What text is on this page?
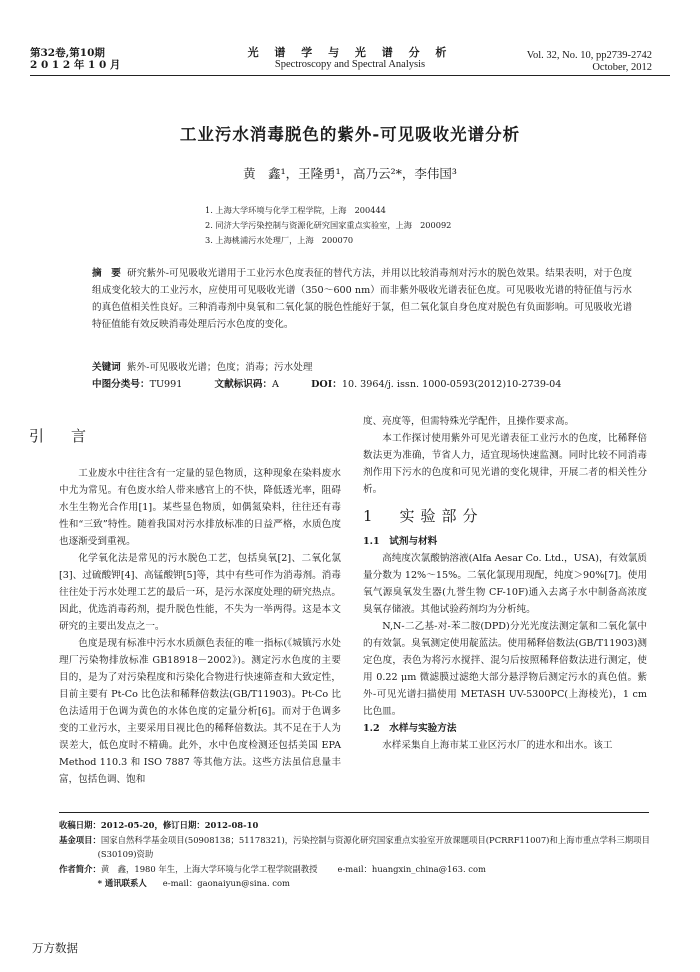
第32卷,第10期
2 0 1 2 年 1 0 月
光 谱 学 与 光 谱 分 析
Spectroscopy and Spectral Analysis
Vol. 32, No. 10, pp2739-2742
October, 2012
工业污水消毒脱色的紫外-可见吸收光谱分析
黄　鑫¹，王隆勇¹，高乃云²*，李伟国³
1. 上海大学环境与化学工程学院，上海　200444
2. 同济大学污染控制与资源化研究国家重点实验室，上海　200092
3. 上海桃浦污水处理厂，上海　200070
摘　要 研究紫外-可见吸收光谱用于工业污水色度表征的替代方法，并用以比较消毒剂对污水的脱色效果。结果表明，对于色度组成变化较大的工业污水，应使用可见吸收光谱（350～600 nm）而非紫外吸收光谱表征色度。可见吸收光谱的特征值与污水的真色值相关性良好。三种消毒剂中臭氧和二氧化氯的脱色性能好于氯，但二氧化氯自身色度对脱色有负面影响。可见吸收光谱特征值能有效反映消毒处理后污水色度的变化。
关键词 紫外-可见吸收光谱；色度；消毒；污水处理
中图分类号：TU991	文献标识码：A	DOI：10. 3964/j. issn. 1000-0593(2012)10-2739-04
引　言

工业废水中往往含有一定量的显色物质，这种现象在染料废水中尤为常见。有色废水给人带来感官上的不快，降低透光率，阻碍水生生物光合作用[1]。某些显色物质，如偶氮染料，往往还有毒性和“三致”特性。随着我国对污水排放标准的日益严格，水质色度也逐渐受到重视。

化学氧化法是常见的污水脱色工艺，包括臭氧[2]、二氧化氯[3]、过硫酸钾[4]、高锰酸钾[5]等，其中有些可作为消毒剂。消毒往往处于污水处理工艺的最后一环，是污水深度处理的研究热点。因此，优选消毒药剂，提升脱色性能，不失为一举两得。这是本文研究的主要出发点之一。

色度是现有标准中污水水质颜色表征的唯一指标(《城镇污水处理厂污染物排放标准 GB18918－2002》)。测定污水色度的主要目的，是为了对污染程度和污染化合物进行快速筛查和大致定性，目前主要有 Pt-Co 比色法和稀释倍数法(GB/T11903)。Pt-Co 比色法适用于色调为黄色的水体色度的定量分析[6]。而对于色调多变的工业污水，主要采用目视比色的稀释倍数法。其不足在于人为误差大，低色度时不精确。此外，水中色度检测还包括美国 EPA Method 110.3 和 ISO 7887 等其他方法。这些方法虽信息量丰富，包括色调、饱和

度、亮度等，但需特殊光学配件，且操作要求高。

本工作探讨使用紫外可见光谱表征工业污水的色度，比稀释倍数法更为准确，节省人力，适宜现场快速监测。同时比较不同消毒剂作用下污水的色度和可见光谱的变化规律，开展二者的相关性分析。

1　实验部分
1.1　试剂与材料

高纯度次氯酸钠溶液(Alfa Aesar Co. Ltd.，USA)，有效氯质量分数为 12%～15%。二氧化氯现用现配，纯度＞90%[7]。使用氧气源臭氧发生器(九誉生物 CF-10F)通入去离子水中制备高浓度臭氧存储液。其他试验药剂均为分析纯。

N,N-二乙基-对-苯二胺(DPD)分光光度法测定氯和二氧化氯中的有效氯。臭氧测定使用靛蓝法。使用稀释倍数法(GB/T11903)测定色度，表色为将污水搅拌、混匀后按照稀释倍数法进行测定，使用 0.22 μm 微滤膜过滤绝大部分悬浮物后测定污水的真色值。紫外-可见光谱扫描使用 METASH UV-5300PC(上海棱光)，1 cm 比色皿。

1.2　水样与实验方法

水样采集自上海市某工业区污水厂的进水和出水。该工

收稿日期：2012-05-20，修订日期：2012-08-10
基金项目：国家自然科学基金项目(50908138；51178321)，污染控制与资源化研究国家重点实验室开放课题项目(PCRRF11007)和上海市重点学科三期项目(S30109)资助
作者简介：黄　鑫，1980 年生，上海大学环境与化学工程学院副教授 e-mail：huangxin_china@163. com
* 通讯联系人 e-mail：gaonaiyun@sina. com
万方数据
